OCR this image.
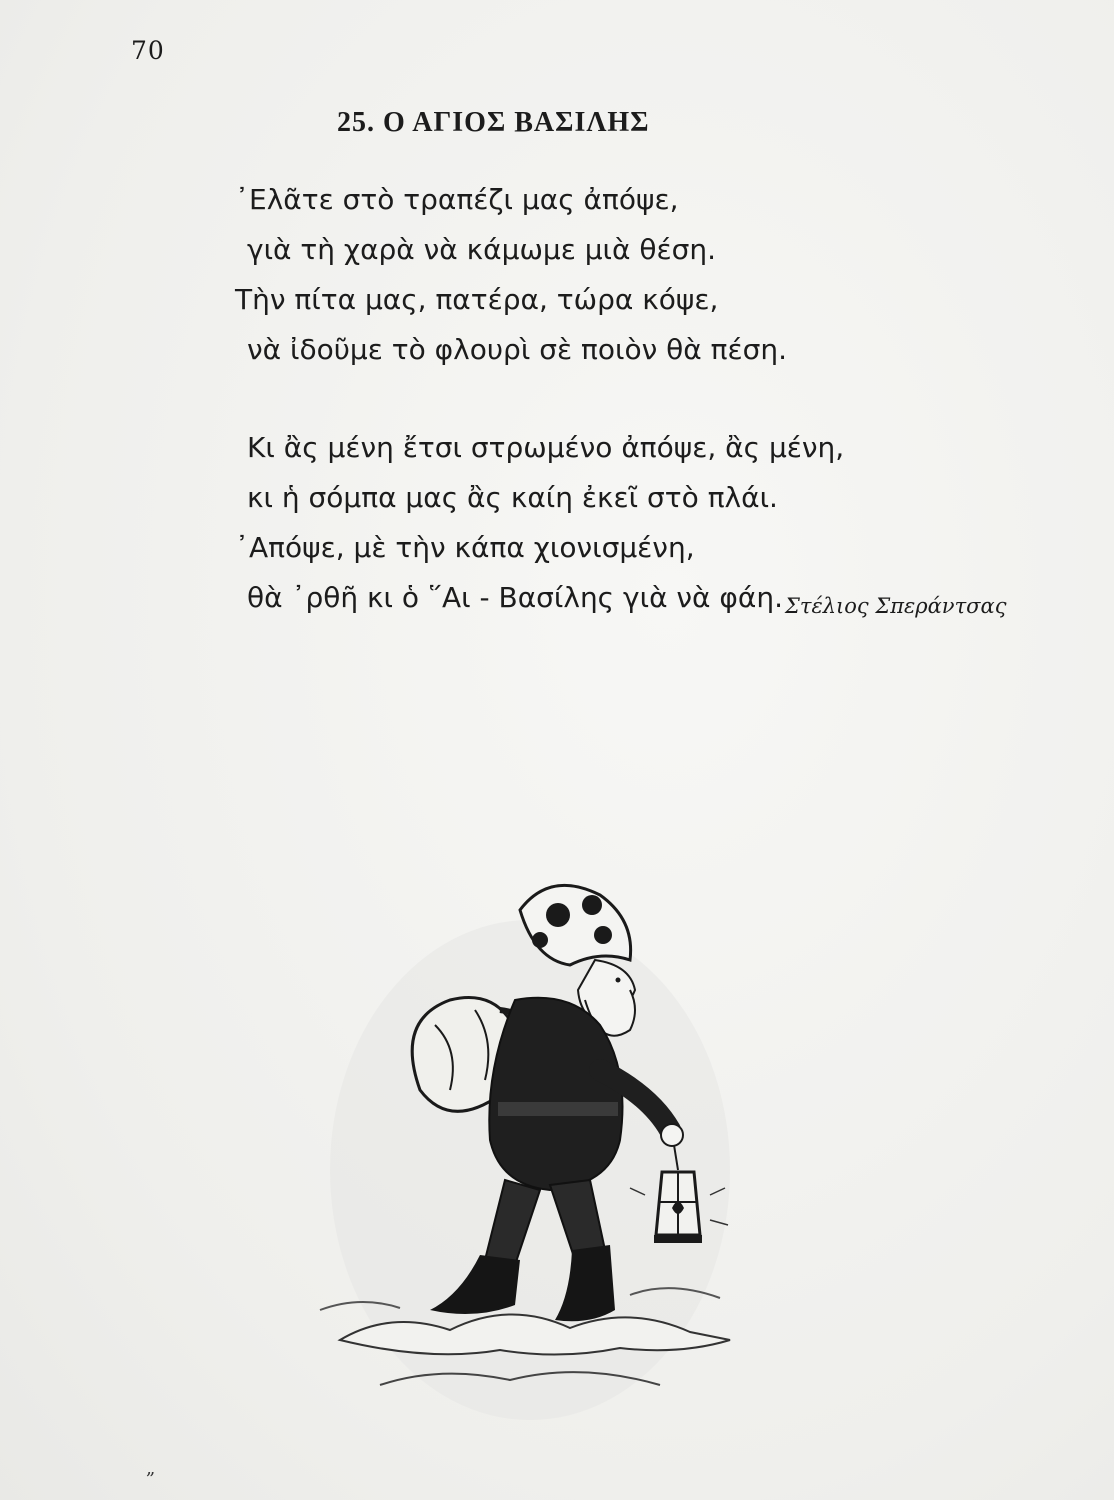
70
25. Ο ΑΓΙΟΣ ΒΑΣΙΛΗΣ
᾿Ελᾶτε στὸ τραπέζι μας ἀπόψε,
γιὰ τὴ χαρὰ νὰ κάμωμε μιὰ θέση.
Τὴν πίτα μας, πατέρα, τώρα κόψε,
νὰ ἰδοῦμε τὸ φλουρὶ σὲ ποιὸν θὰ πέση.
Κι ἂς μένη ἔτσι στρωμένο ἀπόψε, ἂς μένη,
κι ἡ σόμπα μας ἂς καίη ἐκεῖ στὸ πλάι.
᾿Απόψε, μὲ τὴν κάπα χιονισμένη,
θὰ ᾿ρθῆ κι ὁ ῞Αι - Βασίλης γιὰ νὰ φάη. Στέλιος Σπεράντσας
„
